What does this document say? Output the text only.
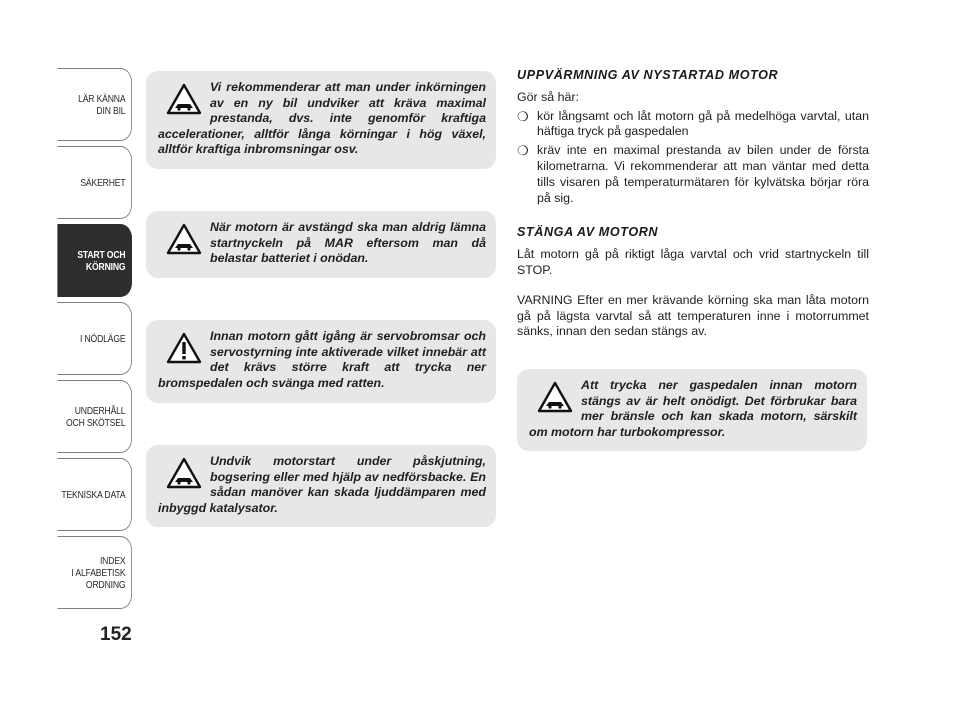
LÄR KÄNNA
DIN BIL
SÄKERHET
START OCH
KÖRNING
I NÖDLÄGE
UNDERHÅLL
OCH SKÖTSEL
TEKNISKA DATA
INDEX
I ALFABETISK
ORDNING
152
Vi rekommenderar att man under inkörningen av en ny bil undviker att kräva maximal prestanda, dvs. inte genomför kraftiga accelerationer, alltför långa körningar i hög växel, alltför kraftiga inbromsningar osv.
När motorn är avstängd ska man aldrig lämna startnyckeln på MAR eftersom man då belastar batteriet i onödan.
Innan motorn gått igång är servobromsar och servostyrning inte aktiverade vilket innebär att det krävs större kraft att trycka ner bromspedalen och svänga med ratten.
Undvik motorstart under påskjutning, bogsering eller med hjälp av nedförsbacke. En sådan manöver kan skada ljuddämparen med inbyggd katalysator.
UPPVÄRMNING AV NYSTARTAD MOTOR

Gör så här:

❍ kör långsamt och låt motorn gå på medelhöga varvtal, utan häftiga tryck på gaspedalen
❍ kräv inte en maximal prestanda av bilen under de första kilometrarna. Vi rekommenderar att man väntar med detta tills visaren på temperaturmätaren för kylvätska börjar röra på sig.
STÄNGA AV MOTORN

Låt motorn gå på riktigt låga varvtal och vrid startnyckeln till STOP.

VARNING Efter en mer krävande körning ska man låta motorn gå på lägsta varvtal så att temperaturen inne i motorrummet sänks, innan den sedan stängs av.

Att trycka ner gaspedalen innan motorn stängs av är helt onödigt. Det förbrukar bara mer bränsle och kan skada motorn, särskilt om motorn har turbokompressor.
